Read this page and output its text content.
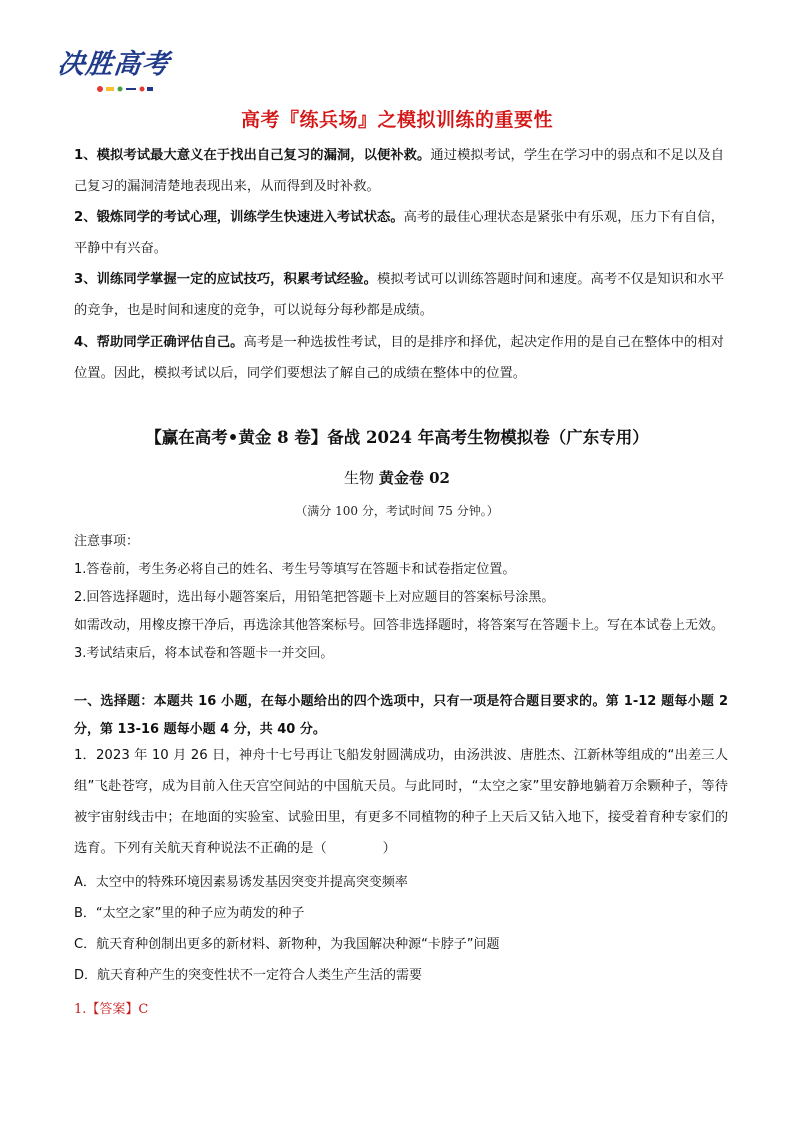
决胜高考
高考『练兵场』之模拟训练的重要性
1、模拟考试最大意义在于找出自己复习的漏洞，以便补救。通过模拟考试，学生在学习中的弱点和不足以及自己复习的漏洞清楚地表现出来，从而得到及时补救。
2、锻炼同学的考试心理，训练学生快速进入考试状态。高考的最佳心理状态是紧张中有乐观，压力下有自信，平静中有兴奋。
3、训练同学掌握一定的应试技巧，积累考试经验。模拟考试可以训练答题时间和速度。高考不仅是知识和水平的竞争，也是时间和速度的竞争，可以说每分每秒都是成绩。
4、帮助同学正确评估自己。高考是一种选拔性考试，目的是排序和择优，起决定作用的是自己在整体中的相对位置。因此，模拟考试以后，同学们要想法了解自己的成绩在整体中的位置。
【赢在高考•黄金 8 卷】备战 2024 年高考生物模拟卷（广东专用）
生物 黄金卷 02
（满分 100 分，考试时间 75 分钟。）
注意事项：
1.答卷前，考生务必将自己的姓名、考生号等填写在答题卡和试卷指定位置。
2.回答选择题时，选出每小题答案后，用铅笔把答题卡上对应题目的答案标号涂黑。
如需改动，用橡皮擦干净后，再选涂其他答案标号。回答非选择题时，将答案写在答题卡上。写在本试卷上无效。
3.考试结束后，将本试卷和答题卡一并交回。
一、选择题：本题共 16 小题，在每小题给出的四个选项中，只有一项是符合题目要求的。第 1-12 题每小题 2 分，第 13-16 题每小题 4 分，共 40 分。
1．2023 年 10 月 26 日，神舟十七号再让飞船发射圆满成功，由汤洪波、唐胜杰、江新林等组成的“出差三人组”飞赴苍穹，成为目前入住天宫空间站的中国航天员。与此同时，“太空之家”里安静地躺着万余颗种子，等待被宇宙射线击中；在地面的实验室、试验田里，有更多不同植物的种子上天后又钻入地下，接受着育种专家们的选育。下列有关航天育种说法不正确的是（	）
A．太空中的特殊环境因素易诱发基因突变并提高突变频率
B．“太空之家”里的种子应为萌发的种子
C．航天育种创制出更多的新材料、新物种，为我国解决种源“卡脖子”问题
D．航天育种产生的突变性状不一定符合人类生产生活的需要
1.【答案】C
